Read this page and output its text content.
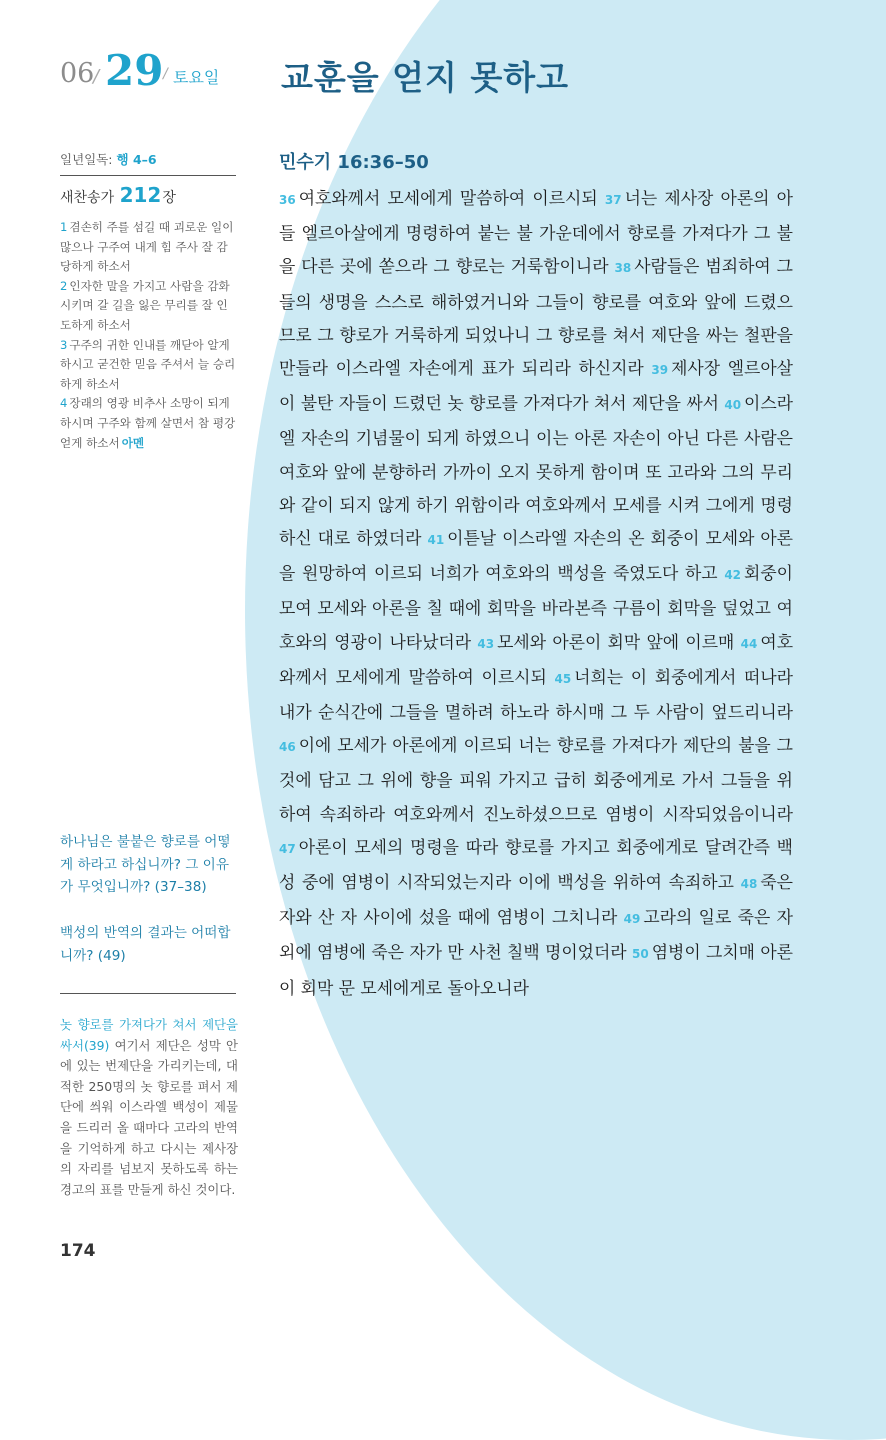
06
/ 29 / 토요일 교훈을 얻지 못하고
일년일독: 행 4–6
새찬송가 212장

1 겸손히 주를 섬길 때 괴로운 일이 많으나 구주여 내게 힘 주사 잘 감당하게 하소서

2 인자한 말을 가지고 사람을 감화시키며 갈 길을 잃은 무리를 잘 인도하게 하소서

3 구주의 귀한 인내를 깨닫아 알게 하시고 굳건한 믿음 주셔서 늘 승리하게 하소서

4 장래의 영광 비추사 소망이 되게 하시며 구주와 함께 살면서 참 평강 얻게 하소서 아멘

하나님은 불붙은 향로를 어떻게 하라고 하십니까? 그 이유가 무엇입니까? (37–38)
백성의 반역의 결과는 어떠합니까? (49)
놋 향로를 가져다가 쳐서 제단을 싸서(39) 여기서 제단은 성막 안에 있는 번제단을 가리키는데, 대적한 250명의 놋 향로를 펴서 제단에 씌워 이스라엘 백성이 제물을 드리러 올 때마다 고라의 반역을 기억하게 하고 다시는 제사장의 자리를 넘보지 못하도록 하는 경고의 표를 만들게 하신 것이다.
174
민수기 16:36–50

36 여호와께서 모세에게 말씀하여 이르시되 37 너는 제사장 아론의 아들 엘르아살에게 명령하여 붙는 불 가운데에서 향로를 가져다가 그 불을 다른 곳에 쏟으라 그 향로는 거룩함이니라 38 사람들은 범죄하여 그들의 생명을 스스로 해하였거니와 그들이 향로를 여호와 앞에 드렸으므로 그 향로가 거룩하게 되었나니 그 향로를 쳐서 제단을 싸는 철판을 만들라 이스라엘 자손에게 표가 되리라 하신지라 39 제사장 엘르아살이 불탄 자들이 드렸던 놋 향로를 가져다가 쳐서 제단을 싸서 40 이스라엘 자손의 기념물이 되게 하였으니 이는 아론 자손이 아닌 다른 사람은 여호와 앞에 분향하러 가까이 오지 못하게 함이며 또 고라와 그의 무리와 같이 되지 않게 하기 위함이라 여호와께서 모세를 시켜 그에게 명령하신 대로 하였더라 41 이튿날 이스라엘 자손의 온 회중이 모세와 아론을 원망하여 이르되 너희가 여호와의 백성을 죽였도다 하고 42 회중이 모여 모세와 아론을 칠 때에 회막을 바라본즉 구름이 회막을 덮었고 여호와의 영광이 나타났더라 43 모세와 아론이 회막 앞에 이르매 44 여호와께서 모세에게 말씀하여 이르시되 45 너희는 이 회중에게서 떠나라 내가 순식간에 그들을 멸하려 하노라 하시매 그 두 사람이 엎드리니라 46 이에 모세가 아론에게 이르되 너는 향로를 가져다가 제단의 불을 그것에 담고 그 위에 향을 피워 가지고 급히 회중에게로 가서 그들을 위하여 속죄하라 여호와께서 진노하셨으므로 염병이 시작되었음이니라 47 아론이 모세의 명령을 따라 향로를 가지고 회중에게로 달려간즉 백성 중에 염병이 시작되었는지라 이에 백성을 위하여 속죄하고 48 죽은 자와 산 자 사이에 섰을 때에 염병이 그치니라 49 고라의 일로 죽은 자 외에 염병에 죽은 자가 만 사천 칠백 명이었더라 50 염병이 그치매 아론이 회막 문 모세에게로 돌아오니라
